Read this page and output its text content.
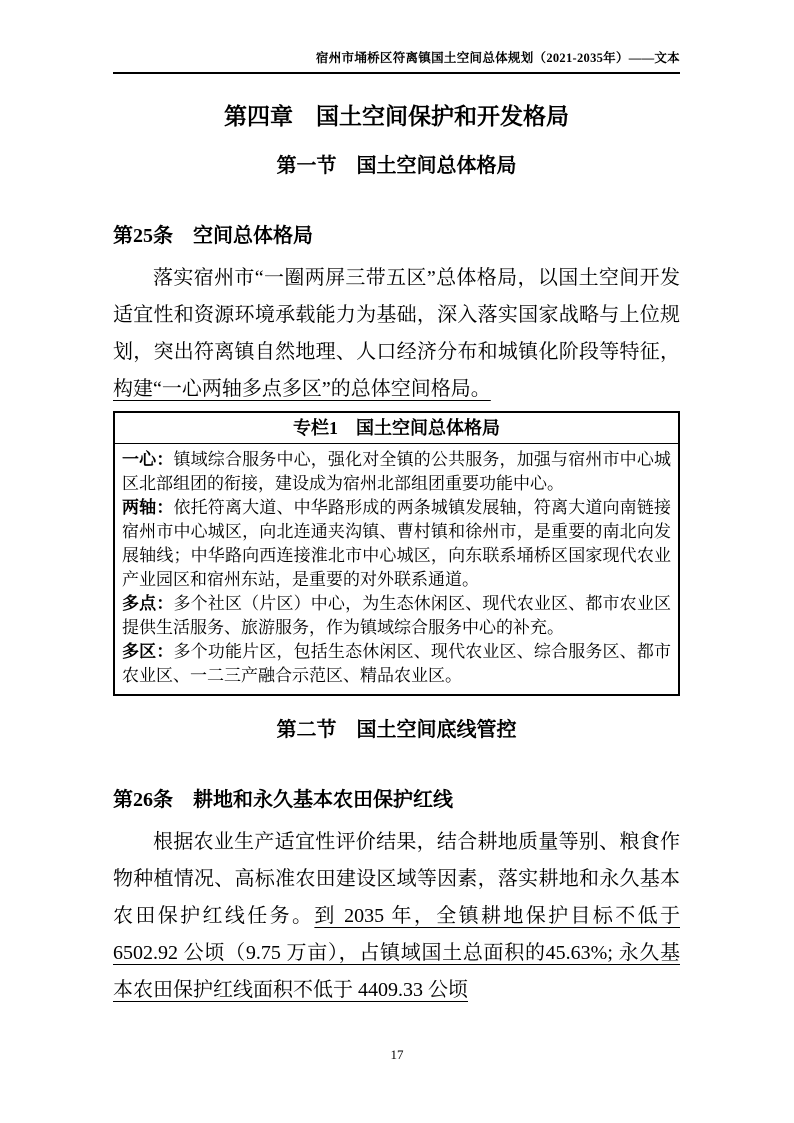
宿州市埇桥区符离镇国土空间总体规划（2021-2035年）——文本
第四章　国土空间保护和开发格局
第一节　国土空间总体格局
第25条　空间总体格局

落实宿州市“一圈两屏三带五区”总体格局，以国土空间开发适宜性和资源环境承载能力为基础，深入落实国家战略与上位规划，突出符离镇自然地理、人口经济分布和城镇化阶段等特征，构建“一心两轴多点多区”的总体空间格局。

专栏1　国土空间总体格局

一心：镇域综合服务中心，强化对全镇的公共服务，加强与宿州市中心城区北部组团的衔接，建设成为宿州北部组团重要功能中心。

两轴：依托符离大道、中华路形成的两条城镇发展轴，符离大道向南链接宿州市中心城区，向北连通夹沟镇、曹村镇和徐州市，是重要的南北向发展轴线；中华路向西连接淮北市中心城区，向东联系埇桥区国家现代农业产业园区和宿州东站，是重要的对外联系通道。

多点：多个社区（片区）中心，为生态休闲区、现代农业区、都市农业区提供生活服务、旅游服务，作为镇域综合服务中心的补充。

多区：多个功能片区，包括生态休闲区、现代农业区、综合服务区、都市农业区、一二三产融合示范区、精品农业区。

第二节　国土空间底线管控
第26条　耕地和永久基本农田保护红线

根据农业生产适宜性评价结果，结合耕地质量等别、粮食作物种植情况、高标准农田建设区域等因素，落实耕地和永久基本农田保护红线任务。到 2035 年，全镇耕地保护目标不低于 6502.92 公顷（9.75 万亩），占镇域国土总面积的45.63%; 永久基本农田保护红线面积不低于 4409.33 公顷

17
